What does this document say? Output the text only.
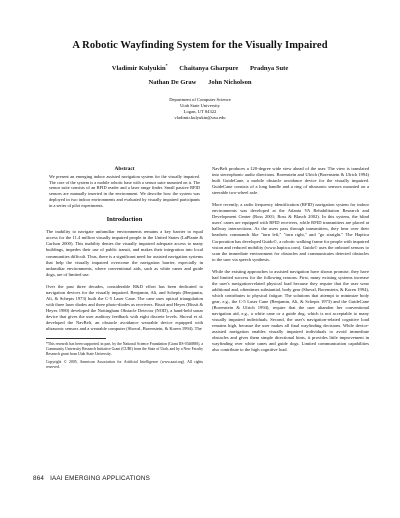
A Robotic Wayfinding System for the Visually Impaired
Vladimir Kulyukin* Chaitanya Gharpure Pradnya Sute
Nathan De Graw John Nicholson
Department of Computer Science
Utah State University
Logan, UT 84322
vladimir.kulyukin@usu.edu
Abstract
We present an emerging indoor assisted navigation system for the visually impaired. The core of the system is a mobile robotic base with a sensor suite mounted on it. The sensor suite consists of an RFID reader and a laser range finder. Small passive RFID sensors are manually inserted in the environment. We describe how the system was deployed in two indoor environments and evaluated by visually impaired participants in a series of pilot experiments.
Introduction

The inability to navigate unfamiliar environments remains a key barrier to equal access for the 11.4 million visually impaired people in the United States (LaPlante & Carlson 2000). This inability denies the visually impaired adequate access to many buildings, impedes their use of public transit, and makes their integration into local communities difficult. Thus, there is a significant need for assisted navigation systems that help the visually impaired overcome the navigation barrier, especially in unfamiliar environments, where conventional aids, such as white canes and guide dogs, are of limited use.

Over the past three decades, considerable R&D effort has been dedicated to navigation devices for the visually impaired. Benjamin, Ali, and Schepis (Benjamin, Ali, & Schepis 1973) built the C-5 Laser Cane. The cane uses optical triangulation with three laser diodes and three photo-diodes as receivers. Bissit and Heyes (Bissit & Heyes 1980) developed the Nottingham Obstacle Detector (NOD), a hand-held sonar device that gives the user auditory feedback with eight discrete levels. Shoval et al. developed the NavBelt, an obstacle avoidance wearable device equipped with ultrasonic sensors and a wearable computer (Shoval, Borenstein, & Koren 1994). The

*This research has been supported, in part, by the National Science Foundation (Grant IIS-0346880), a Community University Research Initiative Grant (CURI) from the State of Utah, and by a New Faculty Research grant from Utah State University.

Copyright © 2005, American Association for Artificial Intelligence (www.aaai.org). All rights reserved.

NavBelt produces a 120-degree wide view ahead of the user. The view is translated into stereophonic audio directions. Borenstein and Ulrich (Borenstein & Ulrich 1994) built GuideCane, a mobile obstacle avoidance device for the visually impaired. GuideCane consists of a long handle and a ring of ultrasonic sensors mounted on a steerable two-wheel axle.

More recently, a radio frequency identification (RFID) navigation system for indoor environments was developed at the Atlanta VA Rehabilitation Research and Development Center (Ross 2001; Ross & Blasch 2002). In this system, the blind users' canes are equipped with RFID receivers, while RFID transmitters are placed at hallway intersections. As the users pass through transmitters, they hear over their headsets commands like "turn left," "turn right," and "go straight." The Haptica Corporation has developed Guido©, a robotic walking frame for people with impaired vision and reduced mobility (www.haptica.com). Guido© uses the onboard sensors to scan the immediate environment for obstacles and communicates detected obstacles to the user via speech synthesis.

While the existing approaches to assisted navigation have shown promise, they have had limited success for the following reasons. First, many existing systems increase the user's navigation-related physical load because they require that the user wear additional and, oftentimes substantial, body gear (Shoval, Borenstein, & Koren 1994), which contributes to physical fatigue. The solutions that attempt to minimize body gear, e.g., the C-5 Laser Cane (Benjamin, Ali, & Schepis 1973) and the GuideCane (Borenstein & Ulrich 1994), require that the user abandon her conventional navigation aid, e.g., a white cane or a guide dog, which is not acceptable to many visually impaired individuals. Second, the user's navigation-related cognitive load remains high, because the user makes all final wayfinding decisions. While device-assisted navigation enables visually impaired individuals to avoid immediate obstacles and gives them simple directional hints, it provides little improvement in wayfinding over white canes and guide dogs. Limited communication capabilities also contribute to the high cognitive load.

864 IAAI EMERGING APPLICATIONS
